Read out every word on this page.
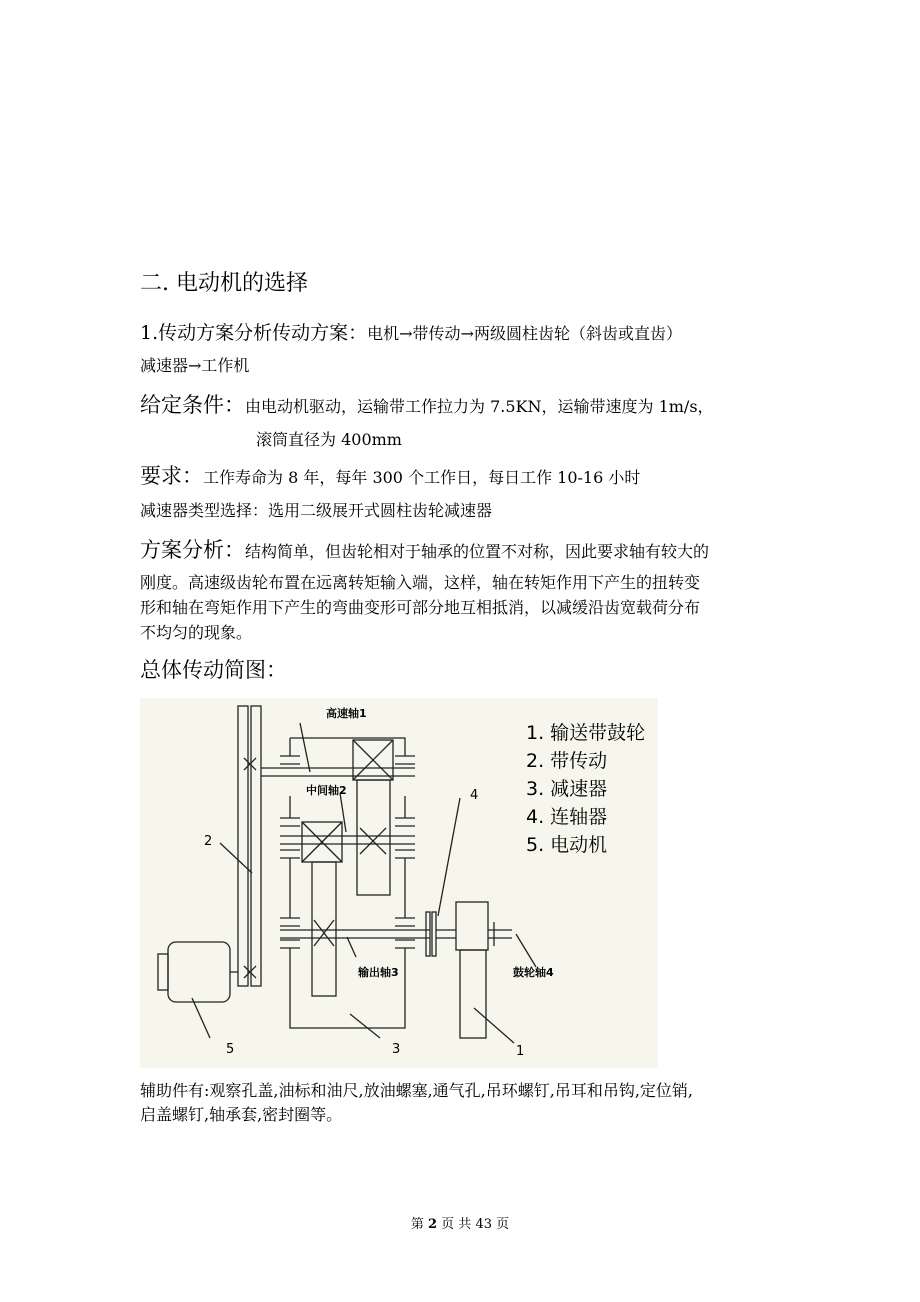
二. 电动机的选择
1.传动方案分析传动方案：电机→带传动→两级圆柱齿轮（斜齿或直齿）
减速器→工作机
给定条件：由电动机驱动，运输带工作拉力为 7.5KN，运输带速度为 1m/s，
滚筒直径为 400mm
要求：工作寿命为 8 年，每年 300 个工作日，每日工作 10-16 小时
减速器类型选择：选用二级展开式圆柱齿轮减速器
方案分析：结构简单，但齿轮相对于轴承的位置不对称，因此要求轴有较大的
刚度。高速级齿轮布置在远离转矩输入端，这样，轴在转矩作用下产生的扭转变
形和轴在弯矩作用下产生的弯曲变形可部分地互相抵消，以减缓沿齿宽载荷分布
不均匀的现象。
总体传动简图：
高速轴1
中间轴2
输出轴3	鼓轮轴4
1
2
3
4
5
1. 输送带鼓轮
2. 带传动
3. 减速器
4. 连轴器
5. 电动机
辅助件有:观察孔盖,油标和油尺,放油螺塞,通气孔,吊环螺钉,吊耳和吊钩,定位销,
启盖螺钉,轴承套,密封圈等。
第 2 页 共 43 页
